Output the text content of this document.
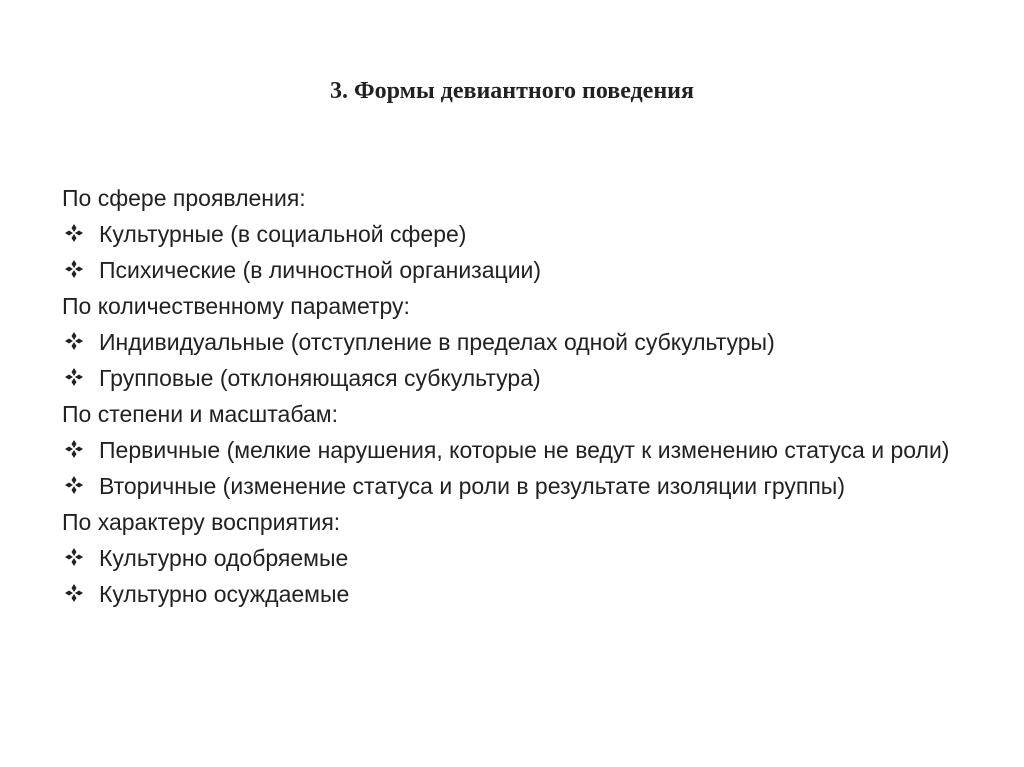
3. Формы девиантного поведения
По сфере проявления:
Культурные (в социальной сфере)
Психические (в личностной организации)
По количественному параметру:
Индивидуальные (отступление в пределах одной субкультуры)
Групповые (отклоняющаяся субкультура)
По степени и масштабам:
Первичные (мелкие нарушения, которые не ведут к изменению статуса и роли)
Вторичные (изменение статуса и роли в результате изоляции группы)
По характеру восприятия:
Культурно одобряемые
Культурно осуждаемые
